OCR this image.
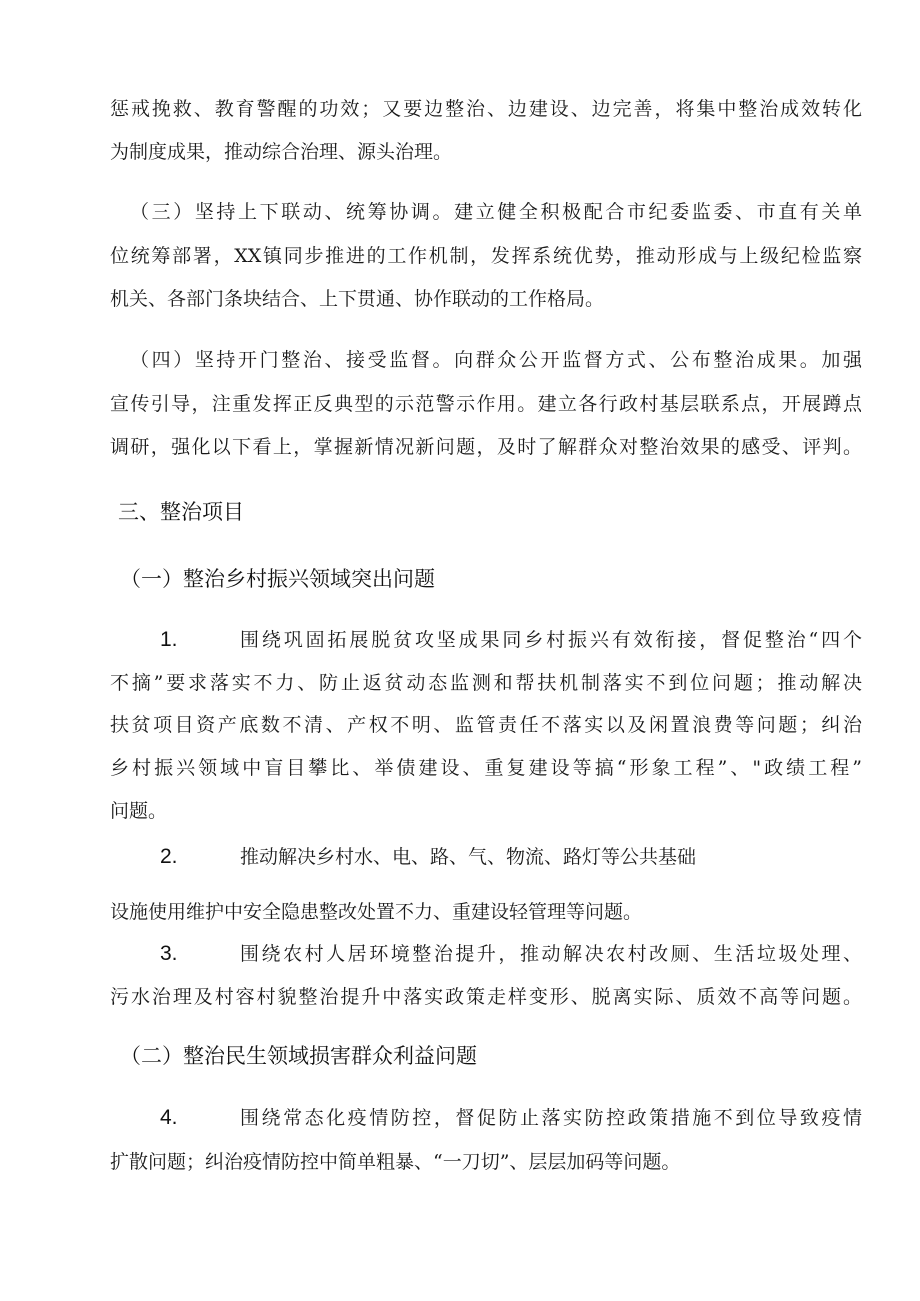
惩戒挽救、教育警醒的功效；又要边整治、边建设、边完善，将集中整治成效转化
为制度成果，推动综合治理、源头治理。
（三）坚持上下联动、统筹协调。建立健全积极配合市纪委监委、市直有关单
位统筹部署，XX镇同步推进的工作机制，发挥系统优势，推动形成与上级纪检监察
机关、各部门条块结合、上下贯通、协作联动的工作格局。
（四）坚持开门整治、接受监督。向群众公开监督方式、公布整治成果。加强
宣传引导，注重发挥正反典型的示范警示作用。建立各行政村基层联系点，开展蹲点
调研，强化以下看上，掌握新情况新问题，及时了解群众对整治效果的感受、评判。
三、整治项目
（一）整治乡村振兴领域突出问题
1.	围绕巩固拓展脱贫攻坚成果同乡村振兴有效衔接，督促整治“四个
不摘”要求落实不力、防止返贫动态监测和帮扶机制落实不到位问题；推动解决
扶贫项目资产底数不清、产权不明、监管责任不落实以及闲置浪费等问题；纠治
乡村振兴领域中盲目攀比、举债建设、重复建设等搞“形象工程”、"政绩工程”
问题。
2.	推动解决乡村水、电、路、气、物流、路灯等公共基础
设施使用维护中安全隐患整改处置不力、重建设轻管理等问题。
3.	围绕农村人居环境整治提升，推动解决农村改厕、生活垃圾处理、
污水治理及村容村貌整治提升中落实政策走样变形、脱离实际、质效不高等问题。
（二）整治民生领域损害群众利益问题
4.	围绕常态化疫情防控，督促防止落实防控政策措施不到位导致疫情
扩散问题；纠治疫情防控中简单粗暴、“一刀切”、层层加码等问题。
